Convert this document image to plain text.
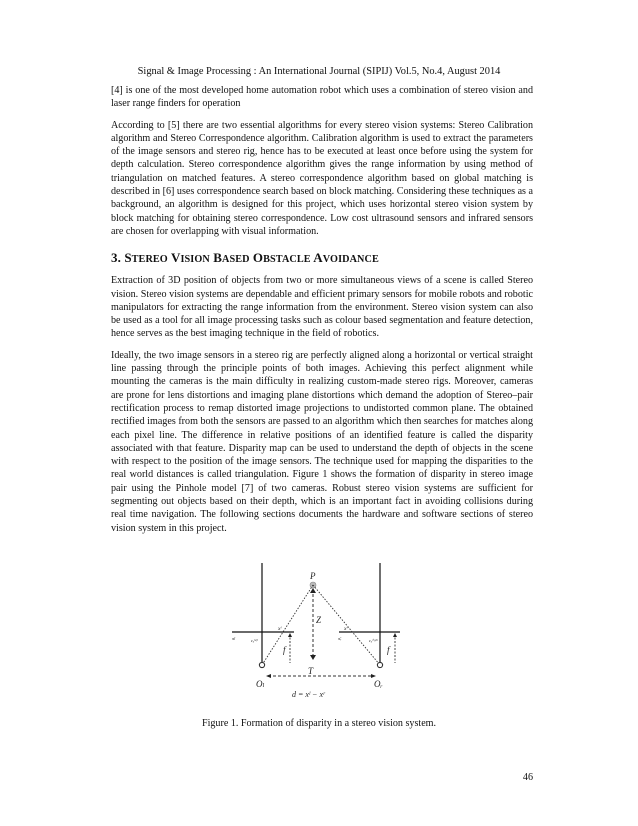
Signal & Image Processing : An International Journal (SIPIJ) Vol.5, No.4, August 2014

[4] is one of the most developed home automation robot which uses a combination of stereo vision and laser range finders for operation

According to [5] there are two essential algorithms for every stereo vision systems: Stereo Calibration algorithm and Stereo Correspondence algorithm. Calibration algorithm is used to extract the parameters of the image sensors and stereo rig, hence has to be executed at least once before using the system for depth calculation. Stereo correspondence algorithm gives the range information by using method of triangulation on matched features. A stereo correspondence algorithm based on global matching is described in [6] uses correspondence search based on block matching. Considering these techniques as a background, an algorithm is designed for this project, which uses horizontal stereo vision system by block matching for obtaining stereo correspondence. Low cost ultrasound sensors and infrared sensors are chosen for overlapping with visual information.

3. STEREO VISION BASED OBSTACLE AVOIDANCE

Extraction of 3D position of objects from two or more simultaneous views of a scene is called Stereo vision. Stereo vision systems are dependable and efficient primary sensors for mobile robots and robotic manipulators for extracting the range information from the environment. Stereo vision system can also be used as a tool for all image processing tasks such as colour based segmentation and feature detection, hence serves as the best imaging technique in the field of robotics.

Ideally, the two image sensors in a stereo rig are perfectly aligned along a horizontal or vertical straight line passing through the principle points of both images. Achieving this perfect alignment while mounting the cameras is the main difficulty in realizing custom-made stereo rigs. Moreover, cameras are prone for lens distortions and imaging plane distortions which demand the adoption of Stereo–pair rectification process to remap distorted image projections to undistorted common plane. The obtained rectified images from both the sensors are passed to an algorithm which then searches for matches along each pixel line. The difference in relative positions of an identified feature is called the disparity associated with that feature. Disparity map can be used to understand the depth of objects in the scene with respect to the position of the image sensors. The technique used for mapping the disparities to the real world distances is called triangulation. Figure 1 shows the formation of disparity in stereo image pair using the Pinhole model [7] of two cameras. Robust stereo vision systems are sufficient for segmenting out objects based on their depth, which is an important fact in avoiding collisions during real time navigation. The following sections documents the hardware and software sections of stereo vision system in this project.

P
Z
f	f
xˡ	xʳ
cₓˡᵉᶠᵗ	cₓʳⁱᵍʰᵗ
π̄ₗ	π̄ᵣ
Oₗ	Oᵣ
T
d = xˡ − xʳ
Figure 1. Formation of disparity in a stereo vision system.
46
